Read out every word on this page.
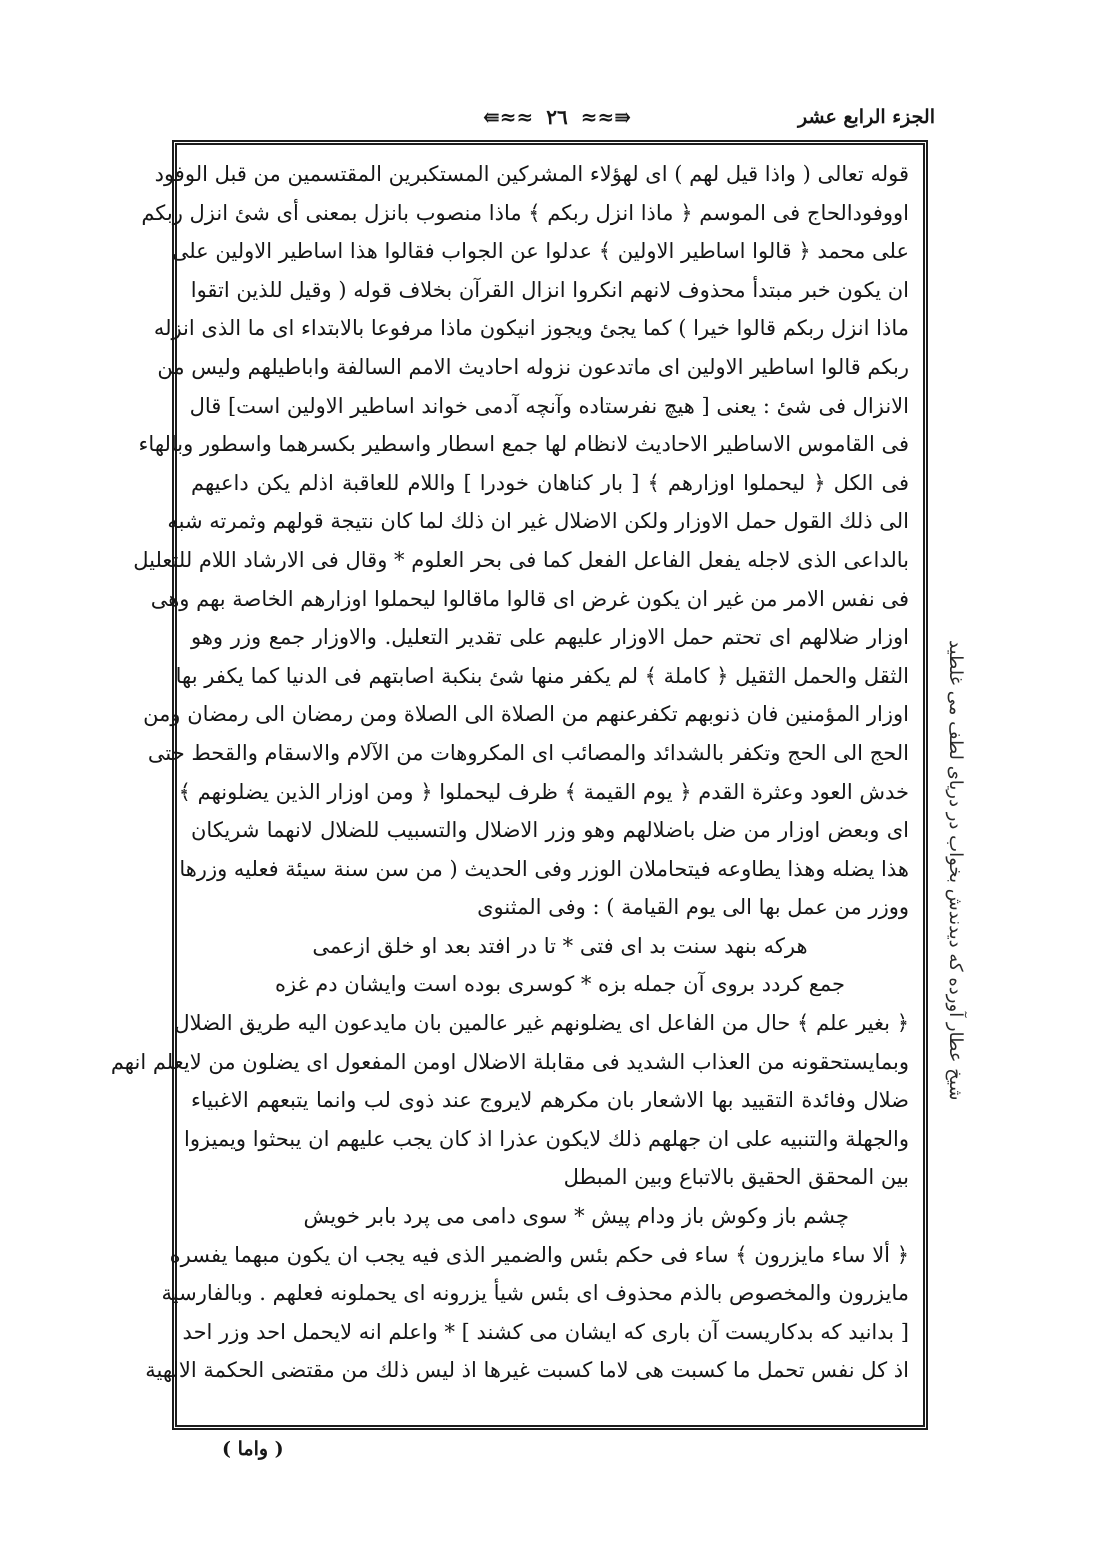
الجزء الرابع عشر
⇚≈≈ ٢٦ ≈≈⇛
قوله تعالى ( واذا قيل لهم ) اى لهؤلاء المشركين المستكبرين المقتسمين من قبل الوفود
اووفودالحاج فى الموسم ﴿ ماذا انزل ربكم ﴾ ماذا منصوب بانزل بمعنى أى شئ انزل ربكم
على محمد ﴿ قالوا اساطير الاولين ﴾ عدلوا عن الجواب فقالوا هذا اساطير الاولين على
ان يكون خبر مبتدأ محذوف لانهم انكروا انزال القرآن بخلاف قوله ( وقيل للذين اتقوا
ماذا انزل ربكم قالوا خيرا ) كما يجئ ويجوز انيكون ماذا مرفوعا بالابتداء اى ما الذى انزله
ربكم قالوا اساطير الاولين اى ماتدعون نزوله احاديث الامم السالفة واباطيلهم وليس من
الانزال فى شئ : يعنى [ هيچ نفرستاده وآنچه آدمى خواند اساطير الاولين است] قال
فى القاموس الاساطير الاحاديث لانظام لها جمع اسطار واسطير بكسرهما واسطور وبالهاء
فى الكل ﴿ ليحملوا اوزارهم ﴾ [ بار كناهان خودرا ] واللام للعاقبة اذلم يكن داعيهم
الى ذلك القول حمل الاوزار ولكن الاضلال غير ان ذلك لما كان نتيجة قولهم وثمرته شبه
بالداعى الذى لاجله يفعل الفاعل الفعل كما فى بحر العلوم * وقال فى الارشاد اللام للتعليل
فى نفس الامر من غير ان يكون غرض اى قالوا ماقالوا ليحملوا اوزارهم الخاصة بهم وهى
اوزار ضلالهم اى تحتم حمل الاوزار عليهم على تقدير التعليل. والاوزار جمع وزر وهو
الثقل والحمل الثقيل ﴿ كاملة ﴾ لم يكفر منها شئ بنكبة اصابتهم فى الدنيا كما يكفر بها
اوزار المؤمنين فان ذنوبهم تكفرعنهم من الصلاة الى الصلاة ومن رمضان الى رمضان ومن
الحج الى الحج وتكفر بالشدائد والمصائب اى المكروهات من الآلام والاسقام والقحط حتى
خدش العود وعثرة القدم ﴿ يوم القيمة ﴾ ظرف ليحملوا ﴿ ومن اوزار الذين يضلونهم ﴾
اى وبعض اوزار من ضل باضلالهم وهو وزر الاضلال والتسبيب للضلال لانهما شريكان
هذا يضله وهذا يطاوعه فيتحاملان الوزر وفى الحديث ( من سن سنة سيئة فعليه وزرها
ووزر من عمل بها الى يوم القيامة ) : وفى المثنوى
هركه بنهد سنت بد اى فتى * تا در افتد بعد او خلق ازعمى
جمع كردد بروى آن جمله بزه * كوسرى بوده است وايشان دم غزه
﴿ بغير علم ﴾ حال من الفاعل اى يضلونهم غير عالمين بان مايدعون اليه طريق الضلال
وبمايستحقونه من العذاب الشديد فى مقابلة الاضلال اومن المفعول اى يضلون من لايعلم انهم
ضلال وفائدة التقييد بها الاشعار بان مكرهم لايروج عند ذوى لب وانما يتبعهم الاغبياء
والجهلة والتنبيه على ان جهلهم ذلك لايكون عذرا اذ كان يجب عليهم ان يبحثوا ويميزوا
بين المحقق الحقيق بالاتباع وبين المبطل
چشم باز وكوش باز ودام پيش * سوى دامى مى پرد بابر خويش
﴿ ألا ساء مايزرون ﴾ ساء فى حكم بئس والضمير الذى فيه يجب ان يكون مبهما يفسره
مايزرون والمخصوص بالذم محذوف اى بئس شيأ يزرونه اى يحملونه فعلهم . وبالفارسية
[ بدانيد كه بدكاريست آن بارى كه ايشان مى كشند ] * واعلم انه لايحمل احد وزر احد
اذ كل نفس تحمل ما كسبت هى لاما كسبت غيرها اذ ليس ذلك من مقتضى الحكمة الالهية
شيخ عطار آورده كه ديدندش بخواب در درياى لطف مى غلطيد
( واما )
